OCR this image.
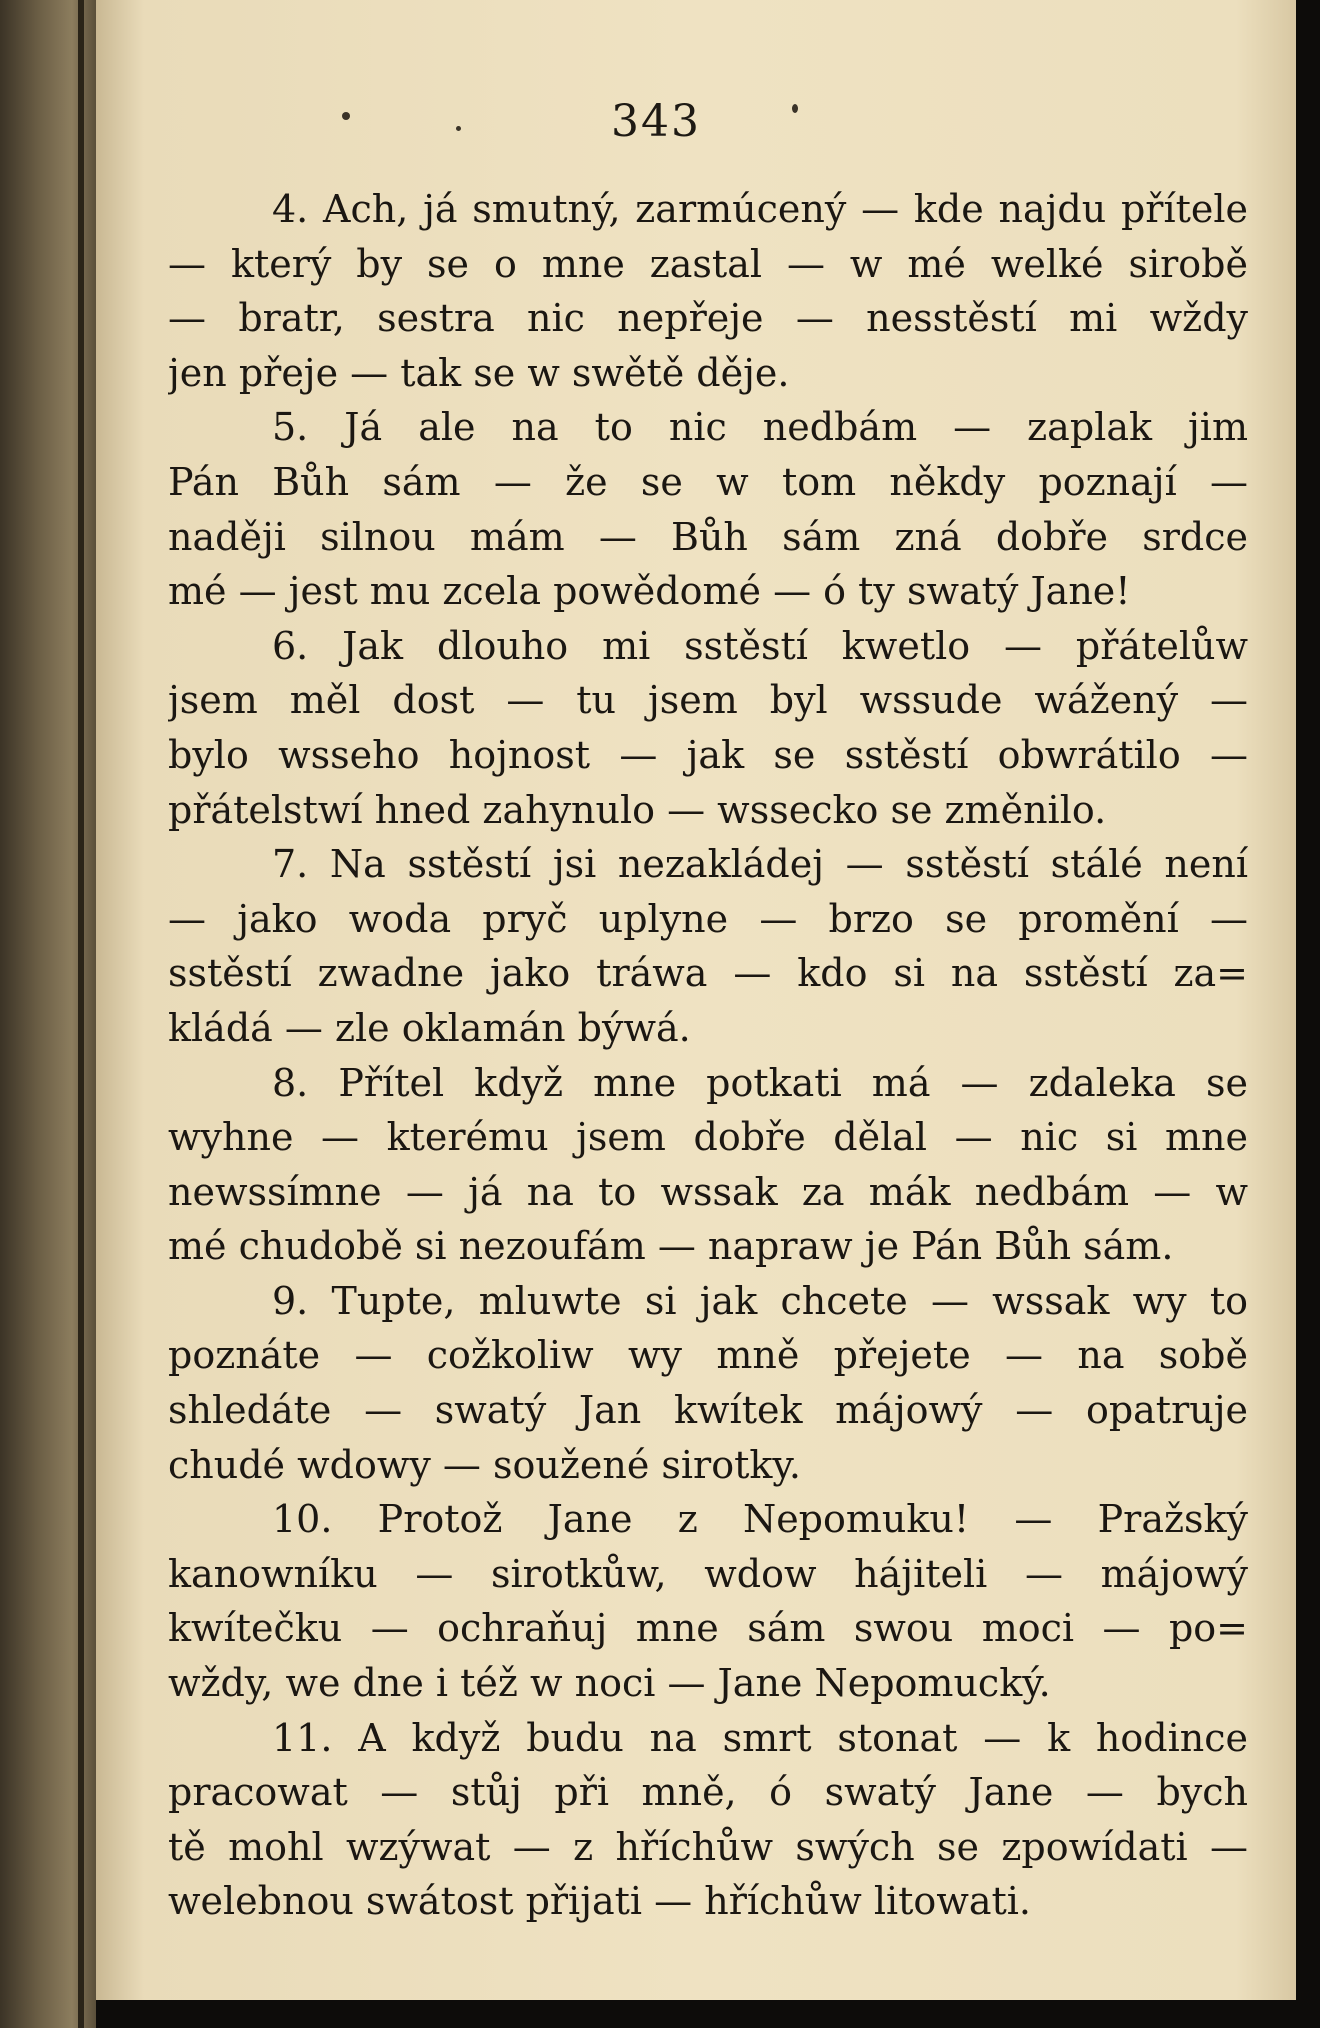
343
4. Ach, já smutný, zarmúcený — kde najdu přítele
— který by se o mne zastal — w mé welké sirobě
— bratr, sestra nic nepřeje — nesstěstí mi wždy
jen přeje — tak se w swětě děje.
5. Já ale na to nic nedbám — zaplak jim
Pán Bůh sám — že se w tom někdy poznají —
naději silnou mám — Bůh sám zná dobře srdce
mé — jest mu zcela powědomé — ó ty swatý Jane!
6. Jak dlouho mi sstěstí kwetlo — přátelůw
jsem měl dost — tu jsem byl wssude wážený —
bylo wsseho hojnost — jak se sstěstí obwrátilo —
přátelstwí hned zahynulo — wssecko se změnilo.
7. Na sstěstí jsi nezakládej — sstěstí stálé není
— jako woda pryč uplyne — brzo se promění —
sstěstí zwadne jako tráwa — kdo si na sstěstí za=
kládá — zle oklamán býwá.
8. Přítel když mne potkati má — zdaleka se
wyhne — kterému jsem dobře dělal — nic si mne
newssímne — já na to wssak za mák nedbám — w
mé chudobě si nezoufám — napraw je Pán Bůh sám.
9. Tupte, mluwte si jak chcete — wssak wy to
poznáte — cožkoliw wy mně přejete — na sobě
shledáte — swatý Jan kwítek májowý — opatruje
chudé wdowy — soužené sirotky.
10. Protož Jane z Nepomuku! — Pražský
kanowníku — sirotkůw, wdow hájiteli — májowý
kwítečku — ochraňuj mne sám swou moci — po=
wždy, we dne i též w noci — Jane Nepomucký.
11. A když budu na smrt stonat — k hodince
pracowat — stůj při mně, ó swatý Jane — bych
tě mohl wzýwat — z hříchůw swých se zpowídati —
welebnou swátost přijati — hříchůw litowati.
